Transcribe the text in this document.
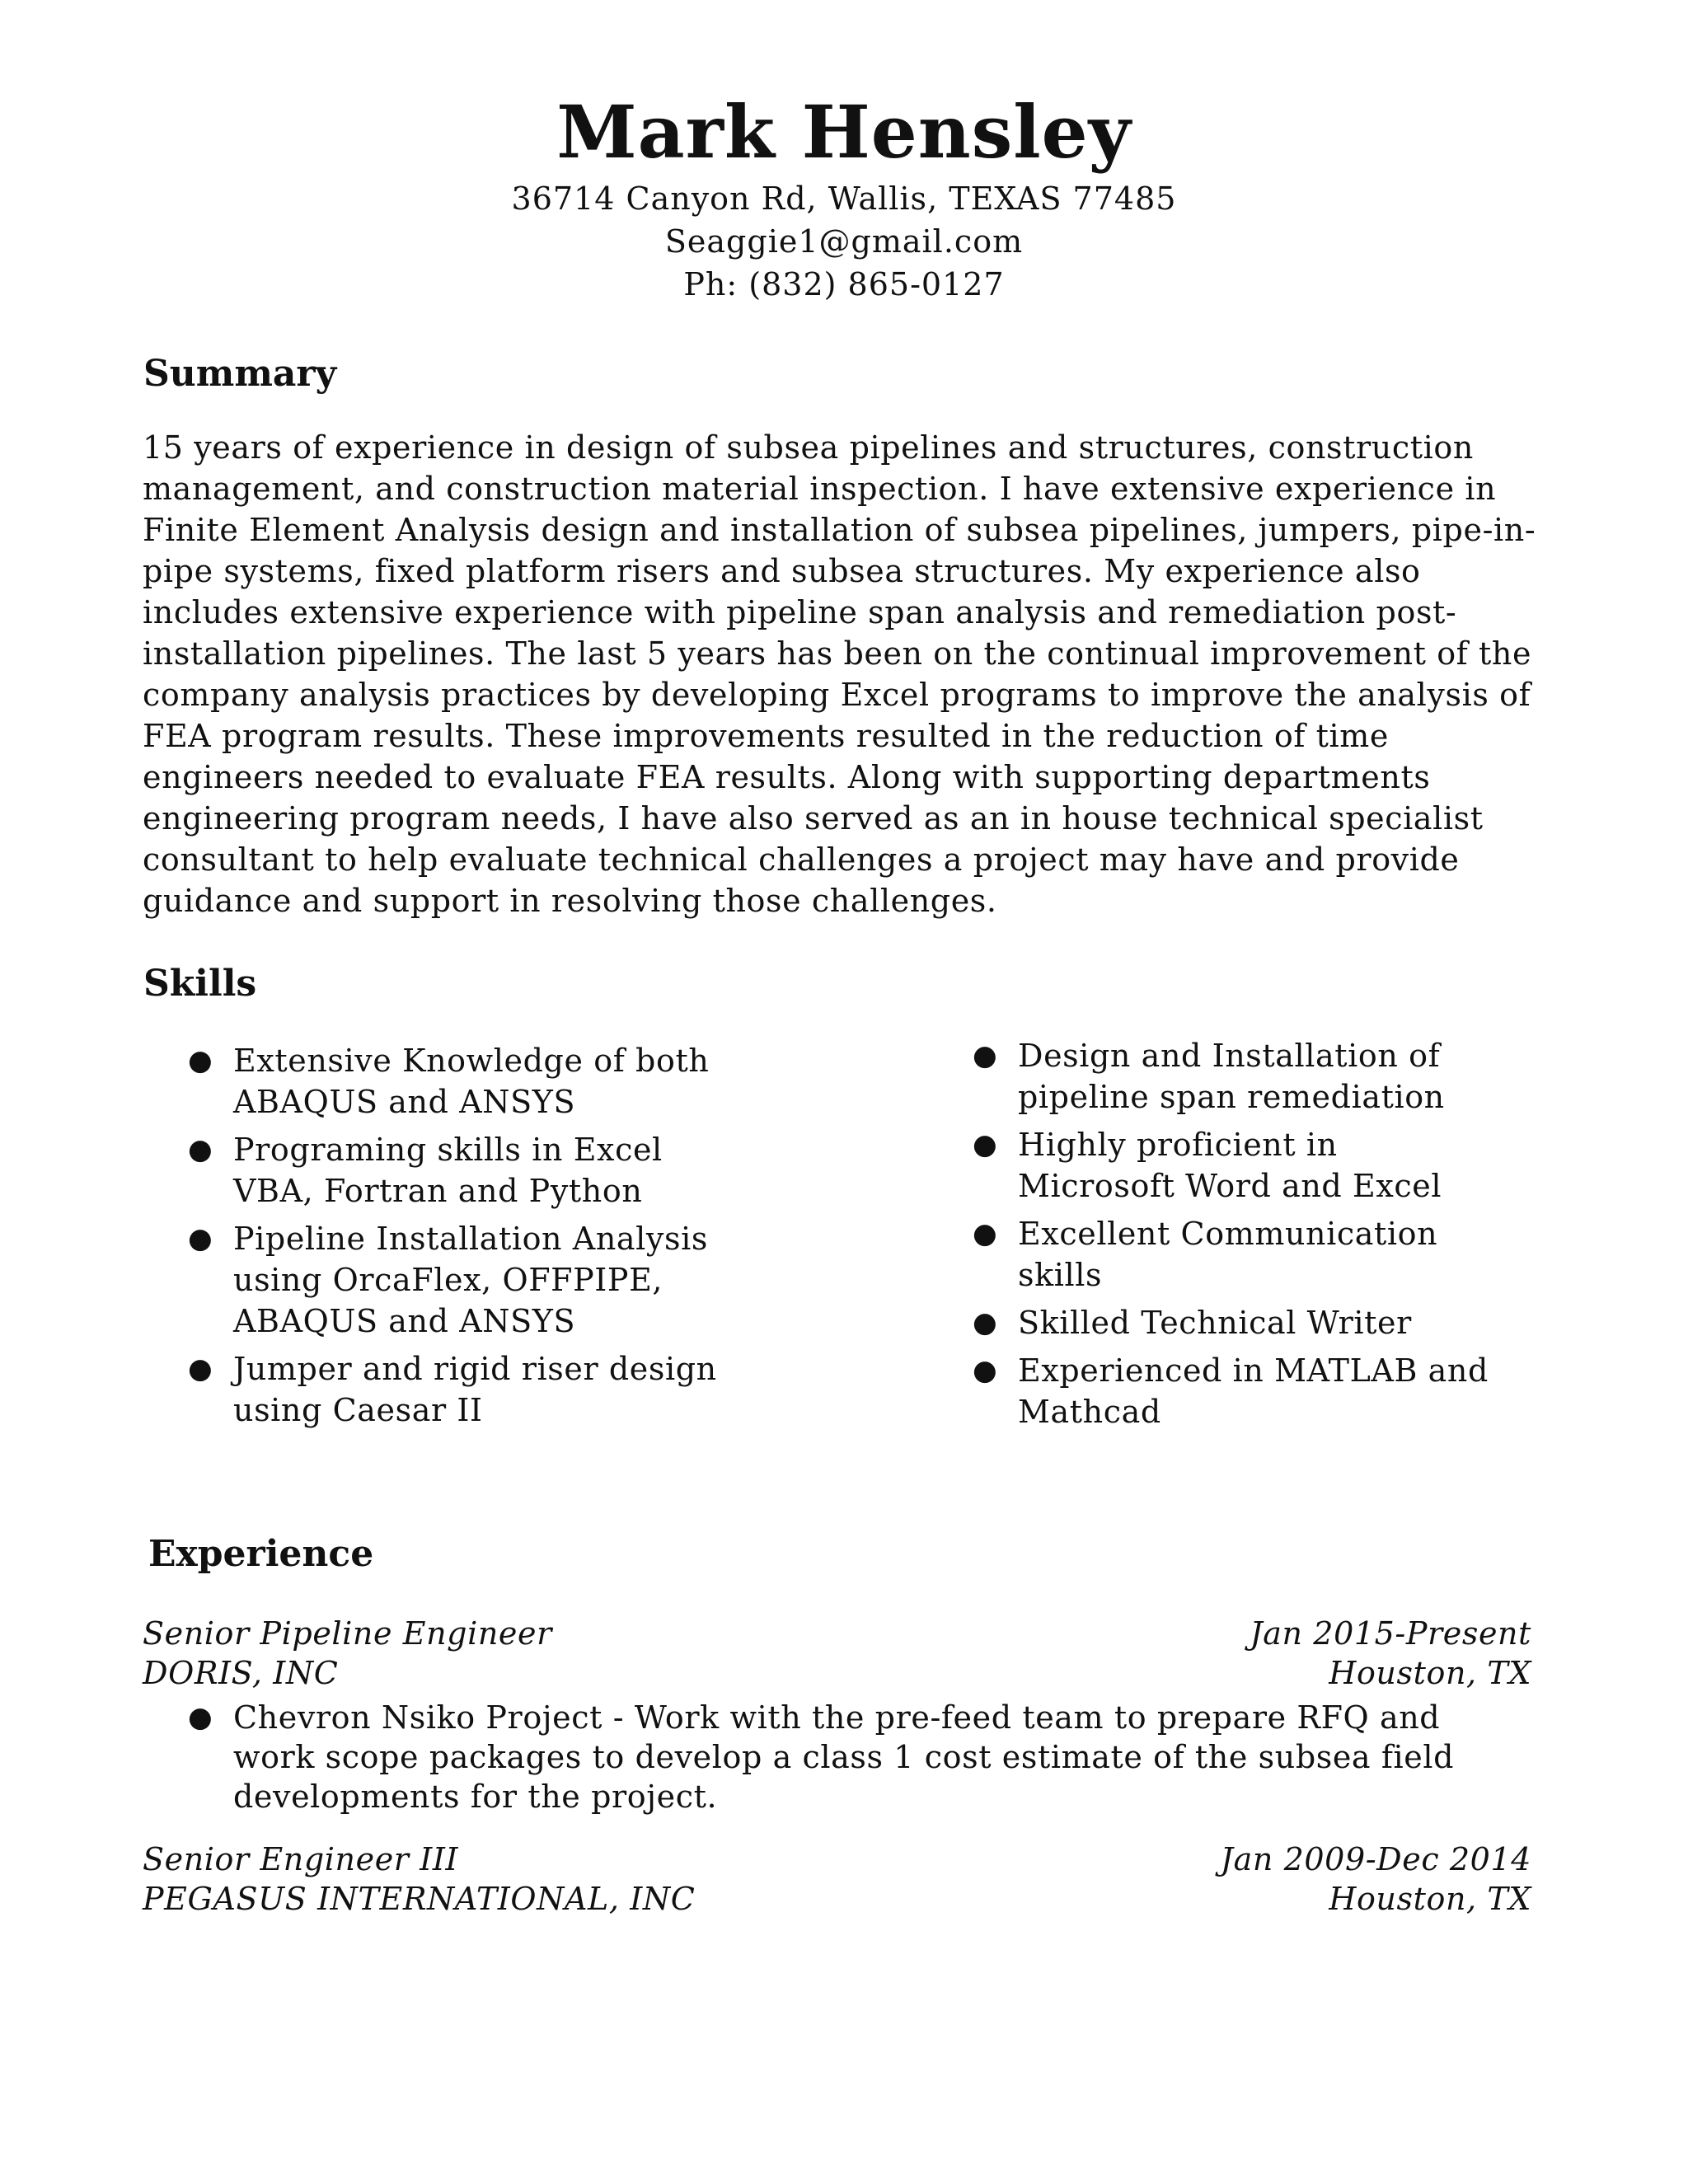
Mark Hensley
36714 Canyon Rd, Wallis, TEXAS 77485
Seaggie1@gmail.com
Ph: (832) 865-0127
Summary
15 years of experience in design of subsea pipelines and structures, construction management, and construction material inspection. I have extensive experience in Finite Element Analysis design and installation of subsea pipelines, jumpers, pipe-in-pipe systems, fixed platform risers and subsea structures. My experience also includes extensive experience with pipeline span analysis and remediation post-installation pipelines. The last 5 years has been on the continual improvement of the company analysis practices by developing Excel programs to improve the analysis of FEA program results. These improvements resulted in the reduction of time engineers needed to evaluate FEA results. Along with supporting departments engineering program needs, I have also served as an in house technical specialist consultant to help evaluate technical challenges a project may have and provide guidance and support in resolving those challenges.
Skills
● Extensive Knowledge of both ABAQUS and ANSYS
● Programing skills in Excel VBA, Fortran and Python
● Pipeline Installation Analysis using OrcaFlex, OFFPIPE, ABAQUS and ANSYS
● Jumper and rigid riser design using Caesar II
● Design and Installation of pipeline span remediation
● Highly proficient in Microsoft Word and Excel
● Excellent Communication skills
● Skilled Technical Writer
● Experienced in MATLAB and Mathcad
Experience
Senior Pipeline Engineer	Jan 2015-Present
DORIS, INC	Houston, TX
● Chevron Nsiko Project - Work with the pre-feed team to prepare RFQ and work scope packages to develop a class 1 cost estimate of the subsea field developments for the project.
Senior Engineer III	Jan 2009-Dec 2014
PEGASUS INTERNATIONAL, INC	Houston, TX
